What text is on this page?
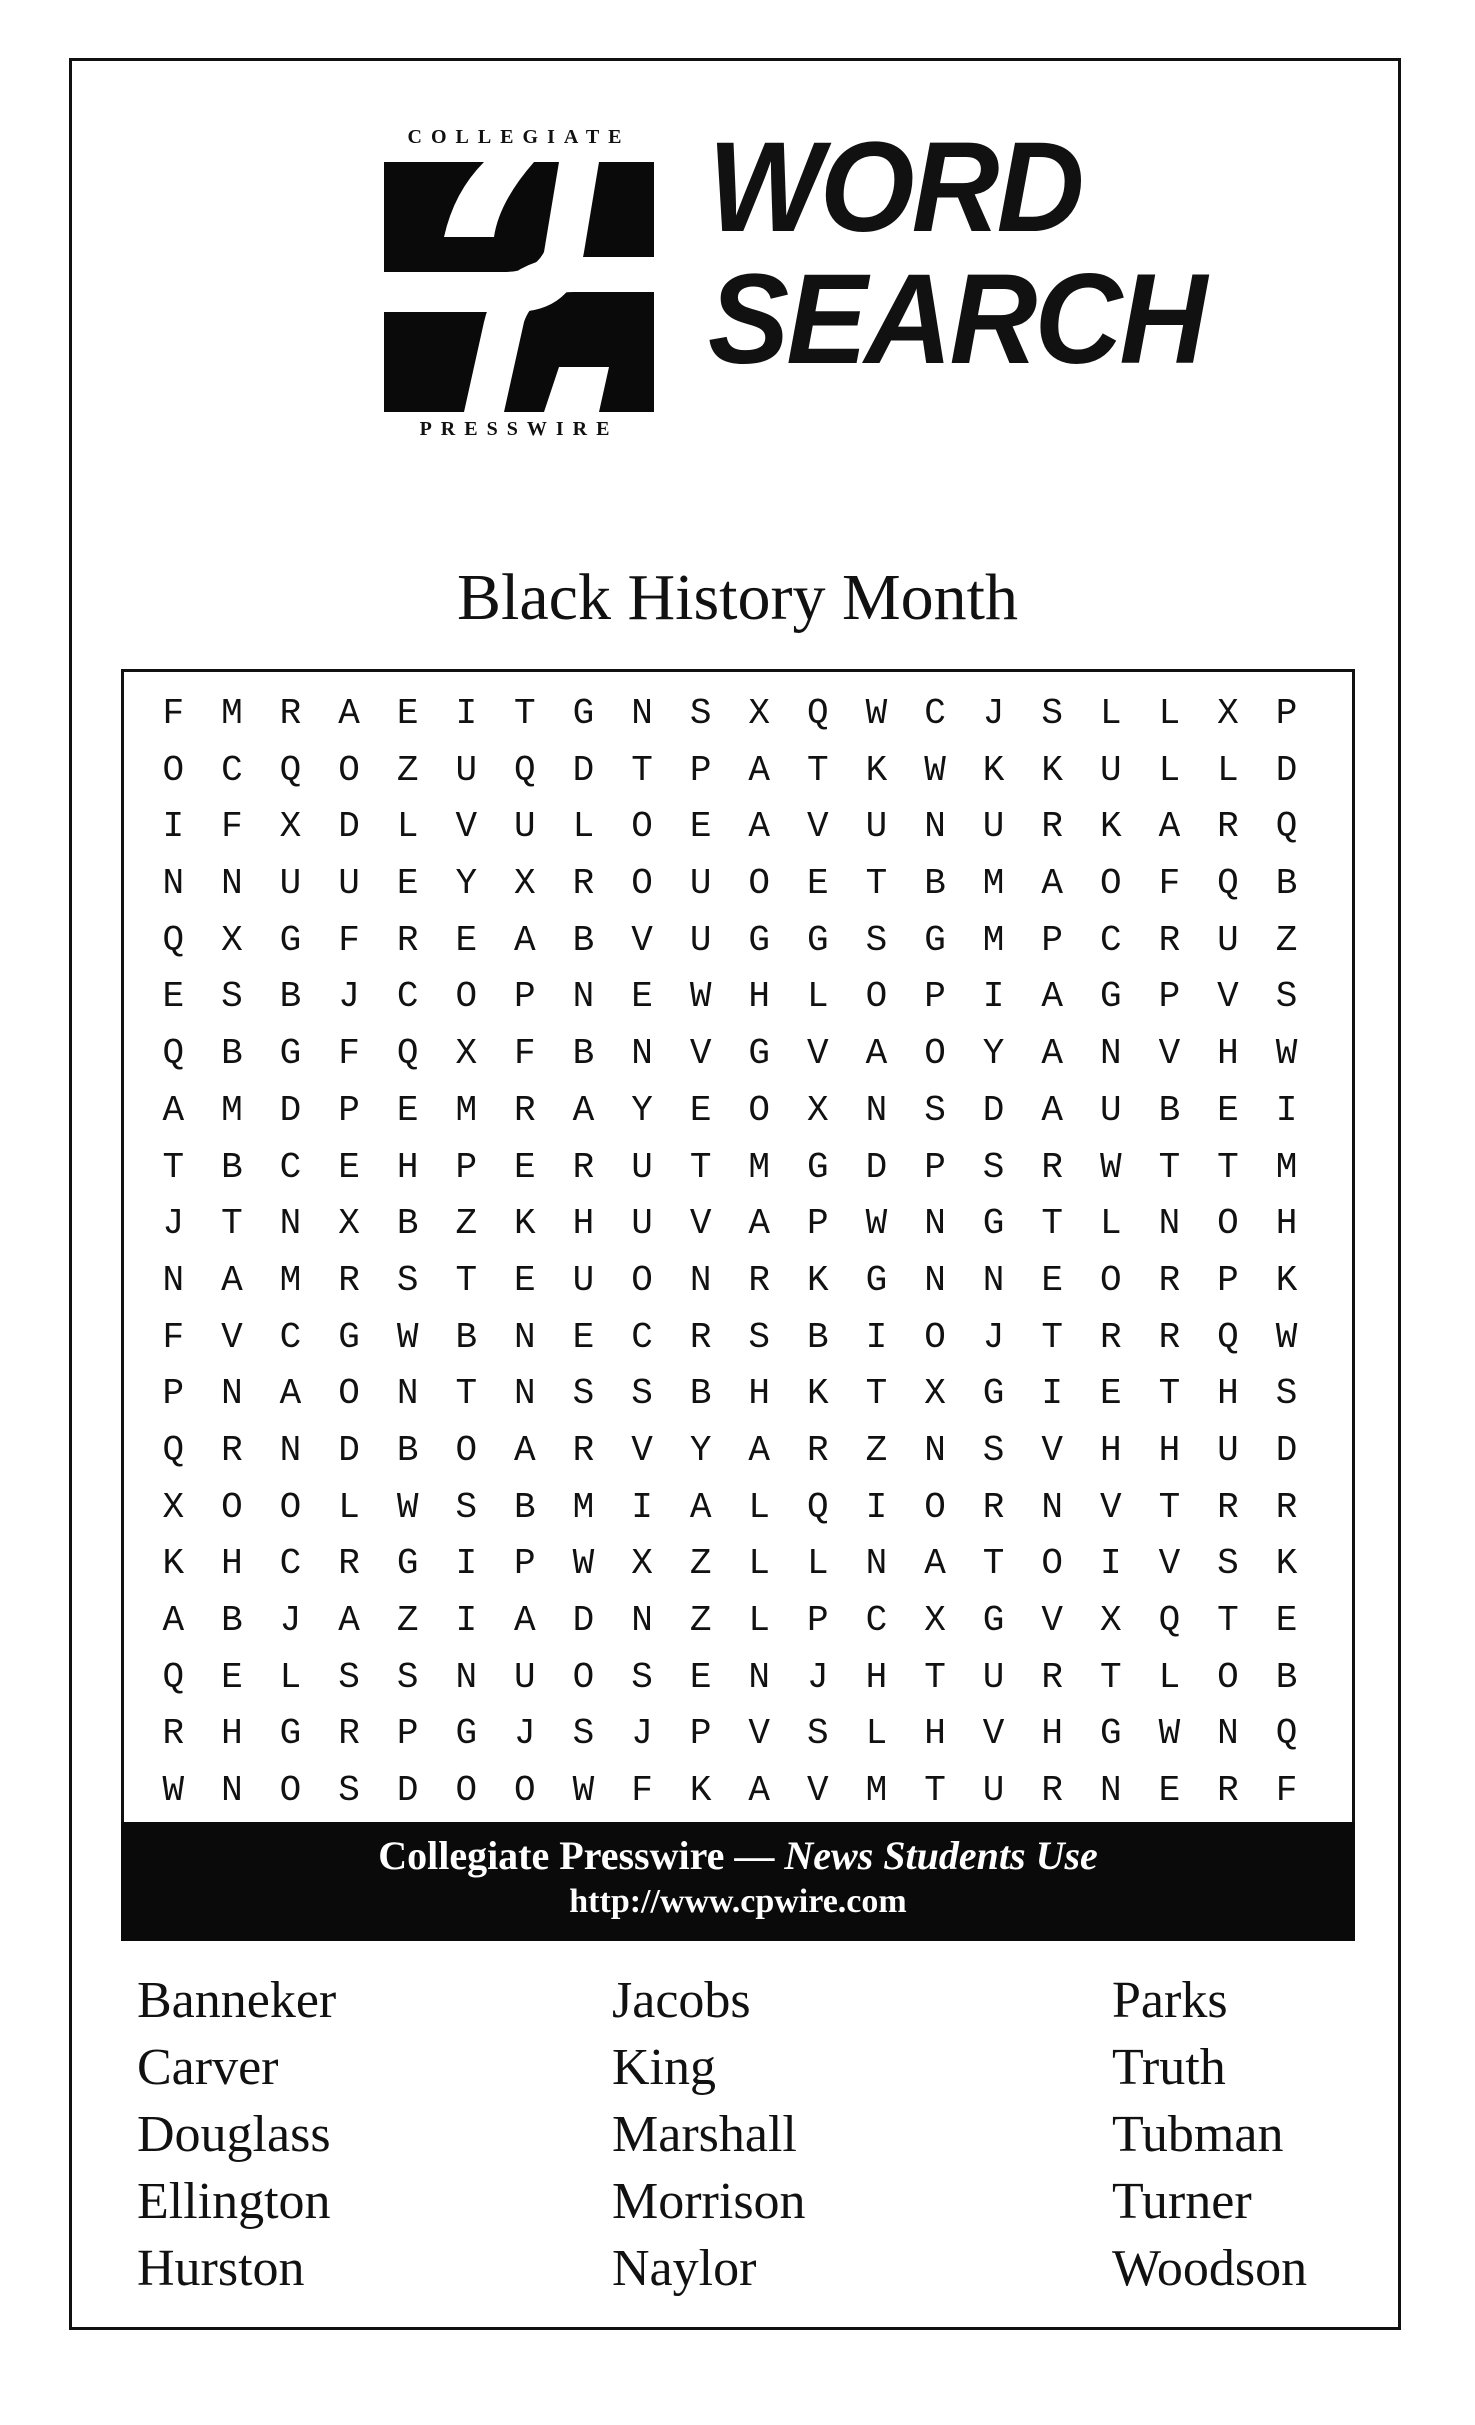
COLLEGIATE
PRESSWIRE
WORD
SEARCH
Black History Month
F	M	R	A	E	I	T	G	N	S	X	Q	W	C	J	S	L	L	X	P
O	C	Q	O	Z	U	Q	D	T	P	A	T	K	W	K	K	U	L	L	D
I	F	X	D	L	V	U	L	O	E	A	V	U	N	U	R	K	A	R	Q
N	N	U	U	E	Y	X	R	O	U	O	E	T	B	M	A	O	F	Q	B
Q	X	G	F	R	E	A	B	V	U	G	G	S	G	M	P	C	R	U	Z
E	S	B	J	C	O	P	N	E	W	H	L	O	P	I	A	G	P	V	S
Q	B	G	F	Q	X	F	B	N	V	G	V	A	O	Y	A	N	V	H	W
A	M	D	P	E	M	R	A	Y	E	O	X	N	S	D	A	U	B	E	I
T	B	C	E	H	P	E	R	U	T	M	G	D	P	S	R	W	T	T	M
J	T	N	X	B	Z	K	H	U	V	A	P	W	N	G	T	L	N	O	H
N	A	M	R	S	T	E	U	O	N	R	K	G	N	N	E	O	R	P	K
F	V	C	G	W	B	N	E	C	R	S	B	I	O	J	T	R	R	Q	W
P	N	A	O	N	T	N	S	S	B	H	K	T	X	G	I	E	T	H	S
Q	R	N	D	B	O	A	R	V	Y	A	R	Z	N	S	V	H	H	U	D
X	O	O	L	W	S	B	M	I	A	L	Q	I	O	R	N	V	T	R	R
K	H	C	R	G	I	P	W	X	Z	L	L	N	A	T	O	I	V	S	K
A	B	J	A	Z	I	A	D	N	Z	L	P	C	X	G	V	X	Q	T	E
Q	E	L	S	S	N	U	O	S	E	N	J	H	T	U	R	T	L	O	B
R	H	G	R	P	G	J	S	J	P	V	S	L	H	V	H	G	W	N	Q
W	N	O	S	D	O	O	W	F	K	A	V	M	T	U	R	N	E	R	F
Collegiate Presswire — News Students Use
http://www.cpwire.com
Banneker
Carver
Douglass
Ellington
Hurston
Jacobs
King
Marshall
Morrison
Naylor
Parks
Truth
Tubman
Turner
Woodson
